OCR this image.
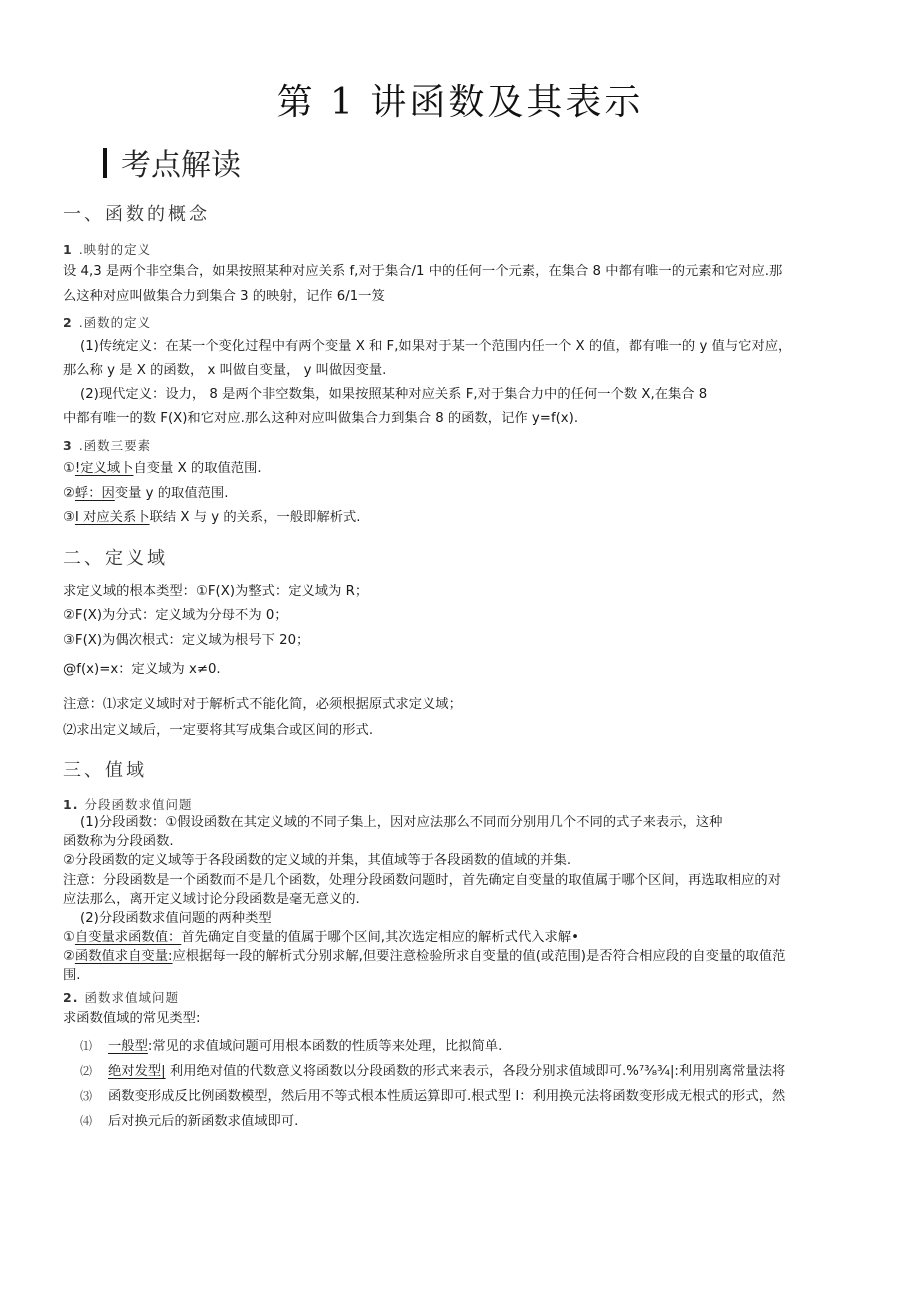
第 1 讲函数及其表示
考点解读
一、函数的概念
1 .映射的定义
设 4,3 是两个非空集合，如果按照某种对应关系 f,对于集合/1 中的任何一个元素，在集合 8 中都有唯一的元素和它对应.那
么这种对应叫做集合力到集合 3 的映射，记作 6/1一笈
2 .函数的定义
(1)传统定义：在某一个变化过程中有两个变量 X 和 F,如果对于某一个范围内任一个 X 的值，都有唯一的 y 值与它对应，
那么称 y 是 X 的函数， x 叫做自变量， y 叫做因变量.
(2)现代定义：设力， 8 是两个非空数集，如果按照某种对应关系 F,对于集合力中的任何一个数 X,在集合 8
中都有唯一的数 F(X)和它对应.那么这种对应叫做集合力到集合 8 的函数，记作 y=f(x).
3 .函数三要素
①!定义域卜自变量 X 的取值范围.
②蜉：因变量 y 的取值范围.
③I 对应关系卜联结 X 与 y 的关系，一般即解析式.
二、定义域
求定义域的根本类型：①F(X)为整式：定义域为 R；
②F(X)为分式：定义域为分母不为 0；
③F(X)为偶次根式：定义域为根号下 20；
@f(x)=x：定义域为 x≠0.
注意：⑴求定义域时对于解析式不能化简，必须根据原式求定义域；
⑵求出定义域后，一定要将其写成集合或区间的形式.
三、值域
1. 分段函数求值问题
(1)分段函数：①假设函数在其定义域的不同子集上，因对应法那么不同而分别用几个不同的式子来表示，这种
函数称为分段函数.
②分段函数的定义域等于各段函数的定义域的并集，其值域等于各段函数的值域的并集.
注意：分段函数是一个函数而不是几个函数，处理分段函数问题时，首先确定自变量的取值属于哪个区间，再选取相应的对
应法那么，离开定义域讨论分段函数是毫无意义的.
(2)分段函数求值问题的两种类型
①自变量求函数值：首先确定自变量的值属于哪个区间,其次选定相应的解析式代入求解•
②函数值求自变量:应根据每一段的解析式分别求解,但要注意检验所求自变量的值(或范围)是否符合相应段的自变量的取值范
围.
2. 函数求值域问题
求函数值域的常见类型:
⑴ 一般型:常见的求值域问题可用根本函数的性质等来处理，比拟简单.
⑵ 绝对发型| 利用绝对值的代数意义将函数以分段函数的形式来表示，各段分别求值域即可.%⁷³⁄₈¾|:利用别离常量法将
⑶ 函数变形成反比例函数模型，然后用不等式根本性质运算即可.根式型 I：利用换元法将函数变形成无根式的形式，然
⑷ 后对换元后的新函数求值域即可.
